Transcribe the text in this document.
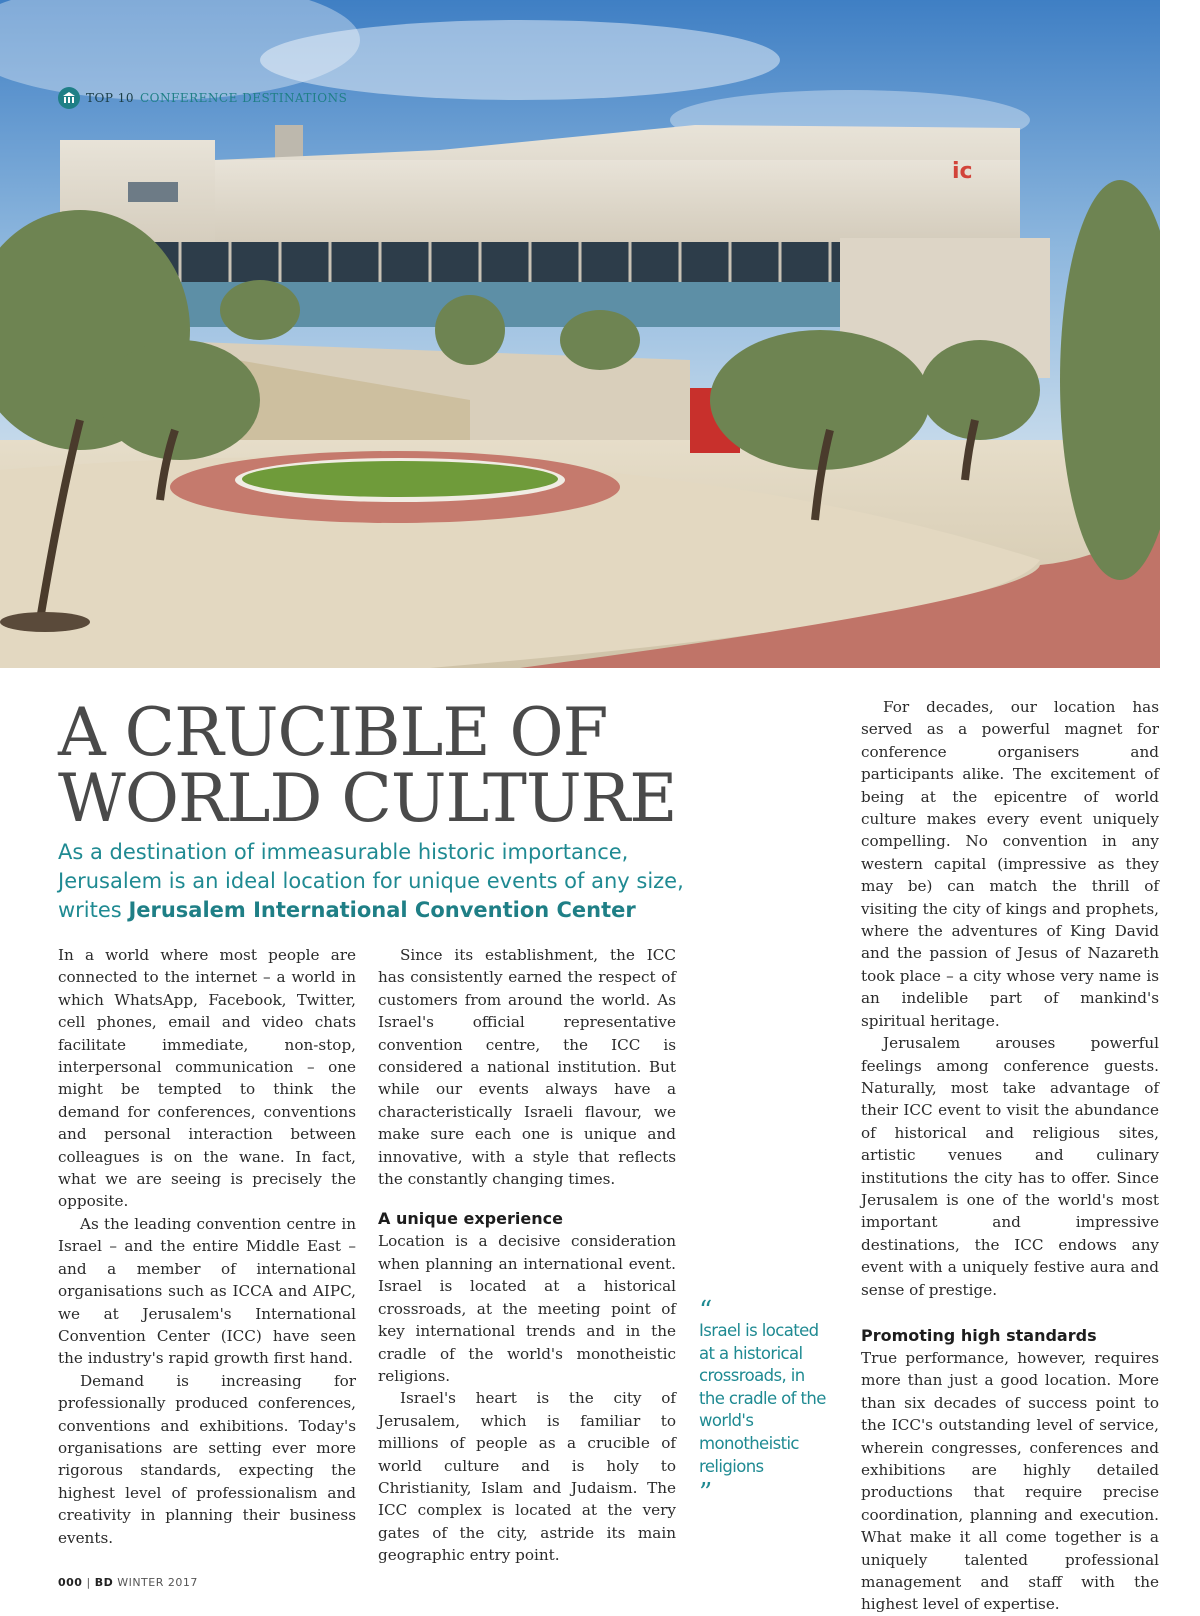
ic
TOP 10 CONFERENCE DESTINATIONS
A CRUCIBLE OF
WORLD CULTURE

As a destination of immeasurable historic importance, Jerusalem is an ideal location for unique events of any size, writes Jerusalem International Convention Center

In a world where most people are connected to the internet – a world in which WhatsApp, Facebook, Twitter, cell phones, email and video chats facilitate immediate, non-stop, interpersonal communication – one might be tempted to think the demand for conferences, conventions and personal interaction between colleagues is on the wane. In fact, what we are seeing is precisely the opposite.

As the leading convention centre in Israel – and the entire Middle East – and a member of international organisations such as ICCA and AIPC, we at Jerusalem's International Convention Center (ICC) have seen the industry's rapid growth first hand.

Demand is increasing for professionally produced conferences, conventions and exhibitions. Today's organisations are setting ever more rigorous standards, expecting the highest level of professionalism and creativity in planning their business events.

Since its establishment, the ICC has consistently earned the respect of customers from around the world. As Israel's official representative convention centre, the ICC is considered a national institution. But while our events always have a characteristically Israeli flavour, we make sure each one is unique and innovative, with a style that reflects the constantly changing times.

A unique experience

Location is a decisive consideration when planning an international event. Israel is located at a historical crossroads, at the meeting point of key international trends and in the cradle of the world's monotheistic religions.

Israel's heart is the city of Jerusalem, which is familiar to millions of people as a crucible of world culture and is holy to Christianity, Islam and Judaism. The ICC complex is located at the very gates of the city, astride its main geographic entry point.

“
Israel is located at a historical crossroads, in the cradle of the world's monotheistic religions
”

For decades, our location has served as a powerful magnet for conference organisers and participants alike. The excitement of being at the epicentre of world culture makes every event uniquely compelling. No convention in any western capital (impressive as they may be) can match the thrill of visiting the city of kings and prophets, where the adventures of King David and the passion of Jesus of Nazareth took place – a city whose very name is an indelible part of mankind's spiritual heritage.

Jerusalem arouses powerful feelings among conference guests. Naturally, most take advantage of their ICC event to visit the abundance of historical and religious sites, artistic venues and culinary institutions the city has to offer. Since Jerusalem is one of the world's most important and impressive destinations, the ICC endows any event with a uniquely festive aura and sense of prestige.

Promoting high standards

True performance, however, requires more than just a good location. More than six decades of success point to the ICC's outstanding level of service, wherein congresses, conferences and exhibitions are highly detailed productions that require precise coordination, planning and execution. What make it all come together is a uniquely talented professional management and staff with the highest level of expertise.

000 | BD WINTER 2017
